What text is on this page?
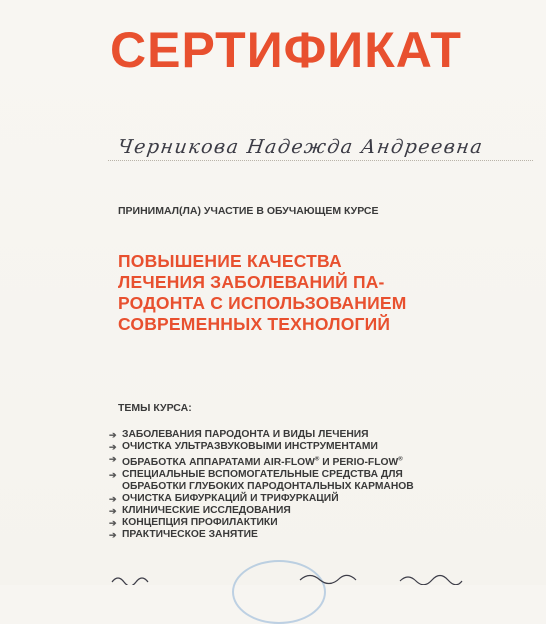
СЕРТИФИКАТ
Черникова Надежда Андреевна
ПРИНИМАЛ(ЛА) УЧАСТИЕ В ОБУЧАЮЩЕМ КУРСЕ
ПОВЫШЕНИЕ КАЧЕСТВА
ЛЕЧЕНИЯ ЗАБОЛЕВАНИЙ ПА-
РОДОНТА С ИСПОЛЬЗОВАНИЕМ
СОВРЕМЕННЫХ ТЕХНОЛОГИЙ
ТЕМЫ КУРСА:
➔ ЗАБОЛЕВАНИЯ ПАРОДОНТА И ВИДЫ ЛЕЧЕНИЯ
➔ ОЧИСТКА УЛЬТРАЗВУКОВЫМИ ИНСТРУМЕНТАМИ
➔ ОБРАБОТКА АППАРАТАМИ AIR-FLOW® И PERIO-FLOW®
➔ СПЕЦИАЛЬНЫЕ ВСПОМОГАТЕЛЬНЫЕ СРЕДСТВА ДЛЯ
ОБРАБОТКИ ГЛУБОКИХ ПАРОДОНТАЛЬНЫХ КАРМАНОВ
➔ ОЧИСТКА БИФУРКАЦИЙ И ТРИФУРКАЦИЙ
➔ КЛИНИЧЕСКИЕ ИССЛЕДОВАНИЯ
➔ КОНЦЕПЦИЯ ПРОФИЛАКТИКИ
➔ ПРАКТИЧЕСКОЕ ЗАНЯТИЕ
